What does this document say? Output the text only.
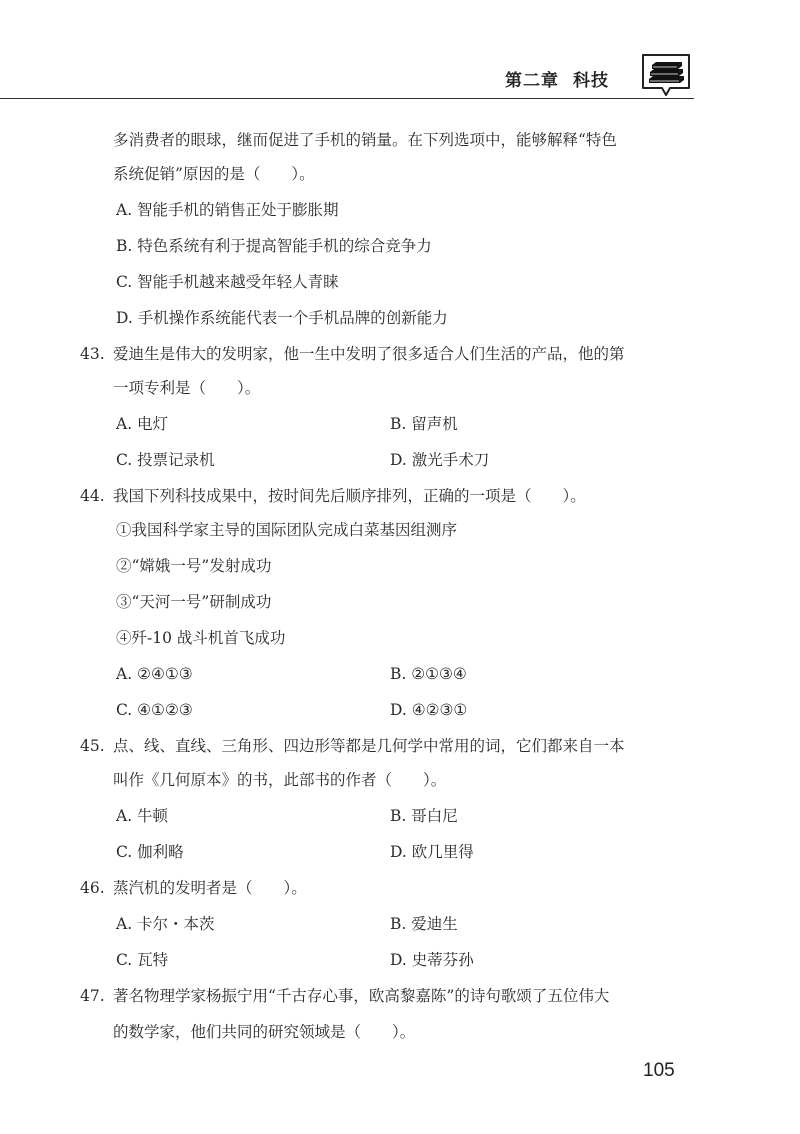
第二章 科技
多消费者的眼球，继而促进了手机的销量。在下列选项中，能够解释“特色
系统促销”原因的是（　　）。
A. 智能手机的销售正处于膨胀期
B. 特色系统有利于提高智能手机的综合竞争力
C. 智能手机越来越受年轻人青睐
D. 手机操作系统能代表一个手机品牌的创新能力
43. 爱迪生是伟大的发明家，他一生中发明了很多适合人们生活的产品，他的第
一项专利是（　　）。
A. 电灯	B. 留声机
C. 投票记录机	D. 激光手术刀
44. 我国下列科技成果中，按时间先后顺序排列，正确的一项是（　　）。
①我国科学家主导的国际团队完成白菜基因组测序
②“嫦娥一号”发射成功
③“天河一号”研制成功
④歼-10 战斗机首飞成功
A. ②④①③	B. ②①③④
C. ④①②③	D. ④②③①
45. 点、线、直线、三角形、四边形等都是几何学中常用的词，它们都来自一本
叫作《几何原本》的书，此部书的作者（　　）。
A. 牛顿	B. 哥白尼
C. 伽利略	D. 欧几里得
46. 蒸汽机的发明者是（　　）。
A. 卡尔・本茨	B. 爱迪生
C. 瓦特	D. 史蒂芬孙
47. 著名物理学家杨振宁用“千古存心事，欧高黎嘉陈”的诗句歌颂了五位伟大
的数学家，他们共同的研究领域是（　　）。
105
